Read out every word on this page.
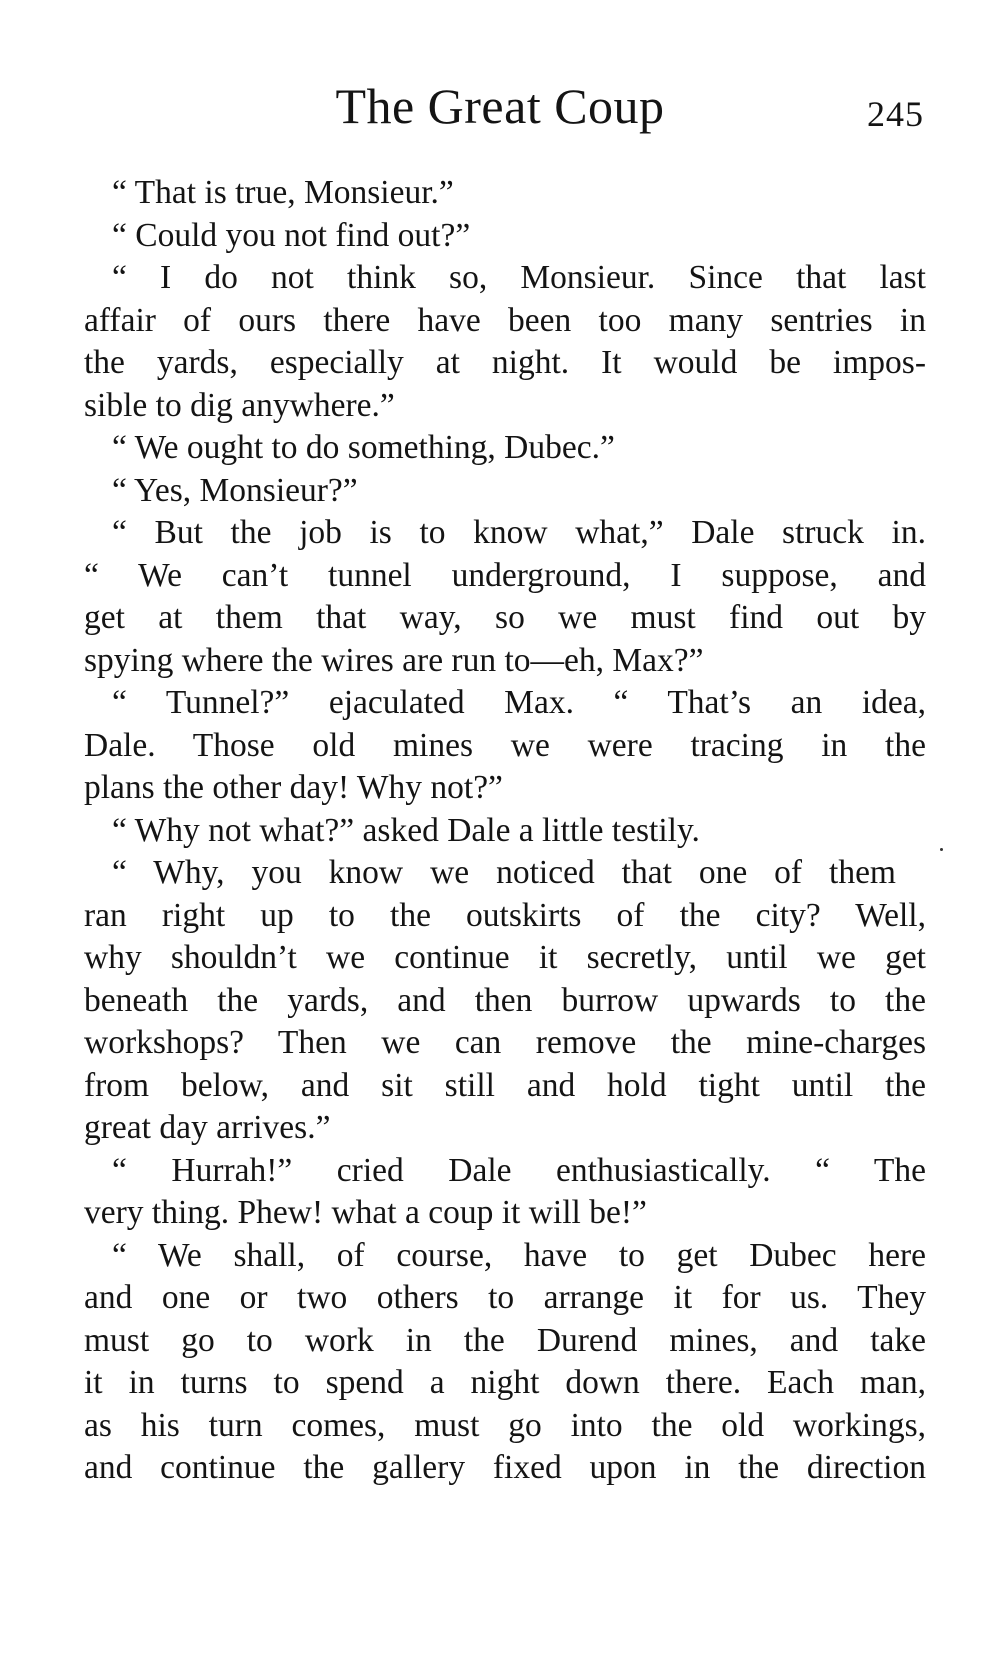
The Great Coup	245
“ That is true, Monsieur.”
“ Could you not find out?”
“ I do not think so, Monsieur. Since that last
affair of ours there have been too many sentries in
the yards, especially at night. It would be impos-
sible to dig anywhere.”
“ We ought to do something, Dubec.”
“ Yes, Monsieur?”
“ But the job is to know what,” Dale struck in.
“ We can’t tunnel underground, I suppose, and
get at them that way, so we must find out by
spying where the wires are run to—eh, Max?”
“ Tunnel?” ejaculated Max. “ That’s an idea,
Dale. Those old mines we were tracing in the
plans the other day! Why not?”
“ Why not what?” asked Dale a little testily.
“ Why, you know we noticed that one of them
ran right up to the outskirts of the city? Well,
why shouldn’t we continue it secretly, until we get
beneath the yards, and then burrow upwards to the
workshops? Then we can remove the mine-charges
from below, and sit still and hold tight until the
great day arrives.”
“ Hurrah!” cried Dale enthusiastically. “ The
very thing. Phew! what a coup it will be!”
“ We shall, of course, have to get Dubec here
and one or two others to arrange it for us. They
must go to work in the Durend mines, and take
it in turns to spend a night down there. Each man,
as his turn comes, must go into the old workings,
and continue the gallery fixed upon in the direction
